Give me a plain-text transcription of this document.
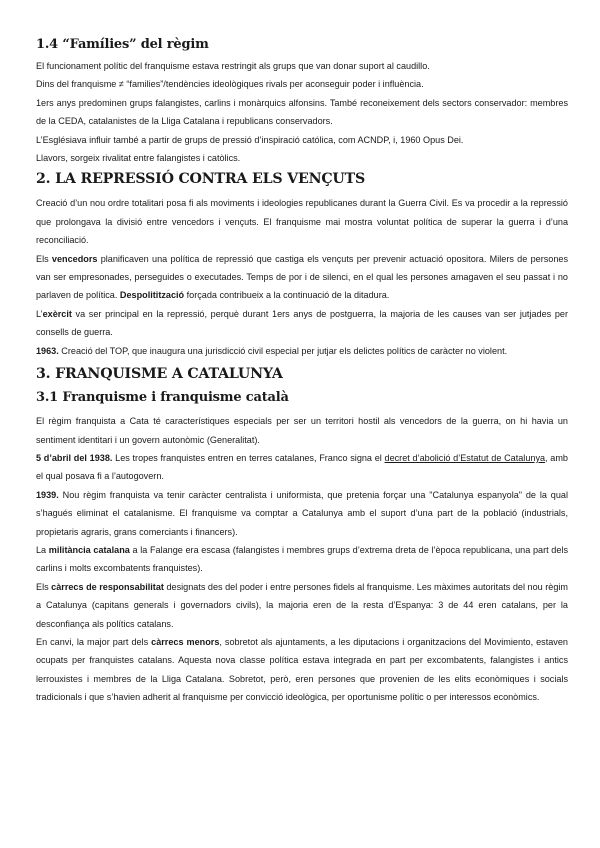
1.4 “Famílies” del règim

El funcionament polític del franquisme estava restringit als grups que van donar suport al caudillo.

Dins del franquisme ≠ “families”/tendències ideològiques rivals per aconseguir poder i influència.

1ers anys predominen grups falangistes, carlins i monàrquics alfonsins. També reconeixement dels sectors conservador: membres de la CEDA, catalanistes de la Lliga Catalana i republicans conservadors.

L’Esglésiava influir també a partir de grups de pressió d’inspiració católica, com ACNDP, i, 1960 Opus Dei.

Llavors, sorgeix rivalitat entre falangistes i catòlics.

2. LA REPRESSIÓ CONTRA ELS VENÇUTS

Creació d’un nou ordre totalitari posa fi als moviments i ideologies republicanes durant la Guerra Civil. Es va procedir a la repressió que prolongava la divisió entre vencedors i vençuts. El franquisme mai mostra voluntat política de superar la guerra i d’una reconciliació.

Els vencedors planificaven una política de repressió que castiga els vençuts per prevenir actuació opositora. Milers de persones van ser empresonades, perseguides o executades. Temps de por i de silenci, en el qual les persones amagaven el seu passat i no parlaven de política. Despolitització forçada contribueix a la continuació de la ditadura.

L’exèrcit va ser principal en la repressió, perquè durant 1ers anys de postguerra, la majoria de les causes van ser jutjades per consells de guerra.

1963. Creació del TOP, que inaugura una jurisdicció civil especial per jutjar els delictes polítics de caràcter no violent.

3. FRANQUISME A CATALUNYA
3.1 Franquisme i franquisme català

El règim franquista a Cata té característiques especials per ser un territori hostil als vencedors de la guerra, on hi havia un sentiment identitari i un govern autonòmic (Generalitat).

5 d’abril del 1938. Les tropes franquistes entren en terres catalanes, Franco signa el decret d’abolició d’Estatut de Catalunya, amb el qual posava fi a l’autogovern.

1939. Nou règim franquista va tenir caràcter centralista i uniformista, que pretenia forçar una "Catalunya espanyola" de la qual s’hagués eliminat el catalanisme. El franquisme va comptar a Catalunya amb el suport d’una part de la població (industrials, propietaris agraris, grans comerciants i financers).

La militància catalana a la Falange era escasa (falangistes i membres grups d’extrema dreta de l’època republicana, una part dels carlins i molts excombatents franquistes).

Els càrrecs de responsabilitat designats des del poder i entre persones fidels al franquisme. Les màximes autoritats del nou règim a Catalunya (capitans generals i governadors civils), la majoria eren de la resta d’Espanya: 3 de 44 eren catalans, per la desconfiança als polítics catalans.

En canvi, la major part dels càrrecs menors, sobretot als ajuntaments, a les diputacions i organitzacions del Movimiento, estaven ocupats per franquistes catalans. Aquesta nova classe política estava integrada en part per excombatents, falangistes i antics lerrouxistes i membres de la Lliga Catalana. Sobretot, però, eren persones que provenien de les elits econòmiques i socials tradicionals i que s’havien adherit al franquisme per convicció ideològica, per oportunisme polític o per interessos econòmics.
